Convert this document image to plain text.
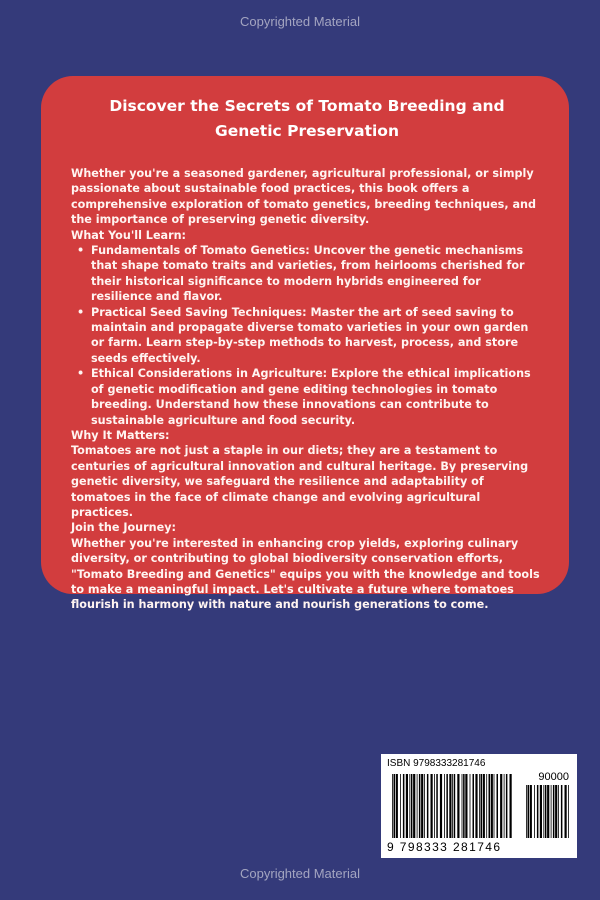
Copyrighted Material
Discover the Secrets of Tomato Breeding and Genetic Preservation

Whether you're a seasoned gardener, agricultural professional, or simply passionate about sustainable food practices, this book offers a comprehensive exploration of tomato genetics, breeding techniques, and the importance of preserving genetic diversity.

What You'll Learn:

• Fundamentals of Tomato Genetics: Uncover the genetic mechanisms that shape tomato traits and varieties, from heirlooms cherished for their historical significance to modern hybrids engineered for resilience and flavor.
• Practical Seed Saving Techniques: Master the art of seed saving to maintain and propagate diverse tomato varieties in your own garden or farm. Learn step-by-step methods to harvest, process, and store seeds effectively.
• Ethical Considerations in Agriculture: Explore the ethical implications of genetic modification and gene editing technologies in tomato breeding. Understand how these innovations can contribute to sustainable agriculture and food security.

Why It Matters:

Tomatoes are not just a staple in our diets; they are a testament to centuries of agricultural innovation and cultural heritage. By preserving genetic diversity, we safeguard the resilience and adaptability of tomatoes in the face of climate change and evolving agricultural practices.

Join the Journey:

Whether you're interested in enhancing crop yields, exploring culinary diversity, or contributing to global biodiversity conservation efforts, "Tomato Breeding and Genetics" equips you with the knowledge and tools to make a meaningful impact. Let's cultivate a future where tomatoes flourish in harmony with nature and nourish generations to come.

ISBN 9798333281746
90000
9 798333 281746
Copyrighted Material
